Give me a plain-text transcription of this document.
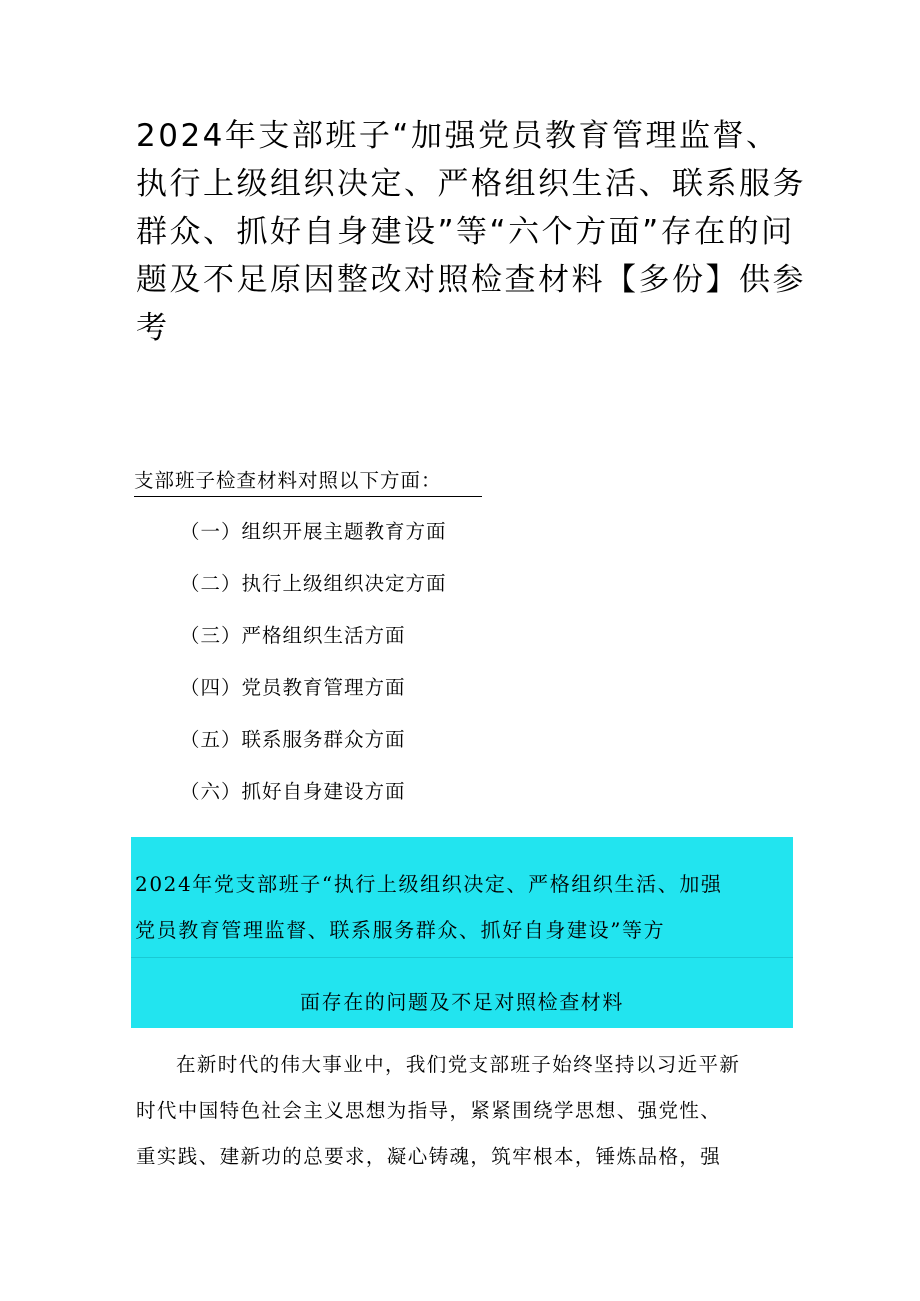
2024年支部班子“加强党员教育管理监督、执行上级组织决定、严格组织生活、联系服务群众、抓好自身建设”等“六个方面”存在的问题及不足原因整改对照检查材料【多份】供参考
支部班子检查材料对照以下方面：
（一）组织开展主题教育方面
（二）执行上级组织决定方面
（三）严格组织生活方面
（四）党员教育管理方面
（五）联系服务群众方面
（六）抓好自身建设方面
2024年党支部班子“执行上级组织决定、严格组织生活、加强
党员教育管理监督、联系服务群众、抓好自身建设”等方
面存在的问题及不足对照检查材料

在新时代的伟大事业中，我们党支部班子始终坚持以习近平新
时代中国特色社会主义思想为指导，紧紧围绕学思想、强党性、
重实践、建新功的总要求，凝心铸魂，筑牢根本，锤炼品格，强
